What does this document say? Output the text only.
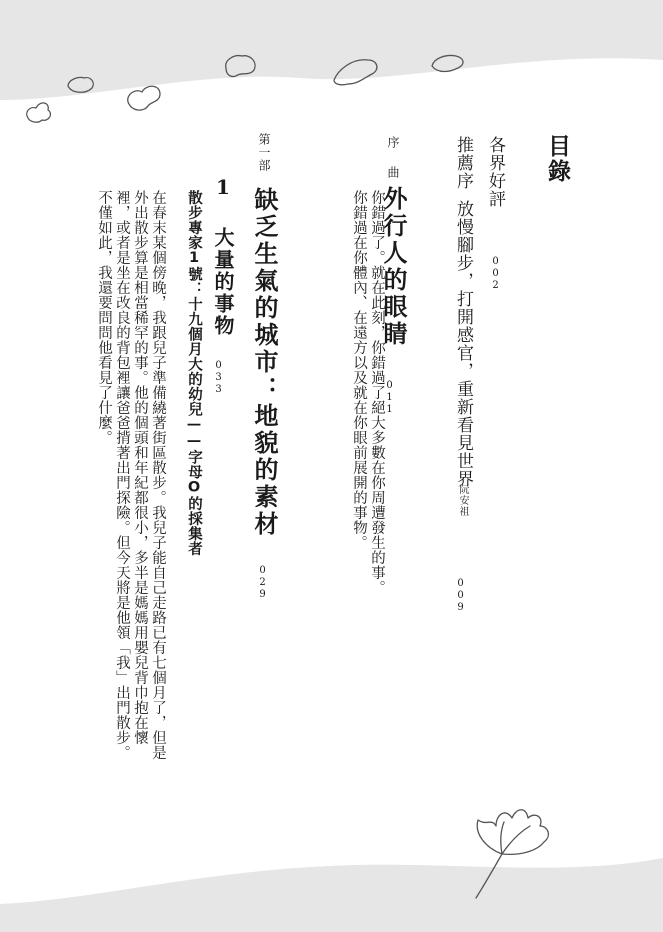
目錄
各界好評
002
推薦序放慢腳步，打開感官，重新看見世界
阮安祖
009
序曲
外行人的眼睛
011

你錯過了。就在此刻，你錯過了絕大多數在你周遭發生的事。

你錯過在你體內、在遠方以及就在你眼前展開的事物。

第一部
缺乏生氣的城市：地貌的素材
029
1 大量的事物
033
散步專家1號：十九個月大的幼兒——字母O的採集者

在春末某個傍晚，我跟兒子準備繞著街區散步。我兒子能自己走路已有七個月了，但是

外出散步算是相當稀罕的事。他的個頭和年紀都很小，多半是媽媽用嬰兒背巾抱在懷

裡，或者是坐在改良的背包裡讓爸爸揹著出門探險。但今天將是他領「我」出門散步。

不僅如此，我還要問問他看見了什麼。
